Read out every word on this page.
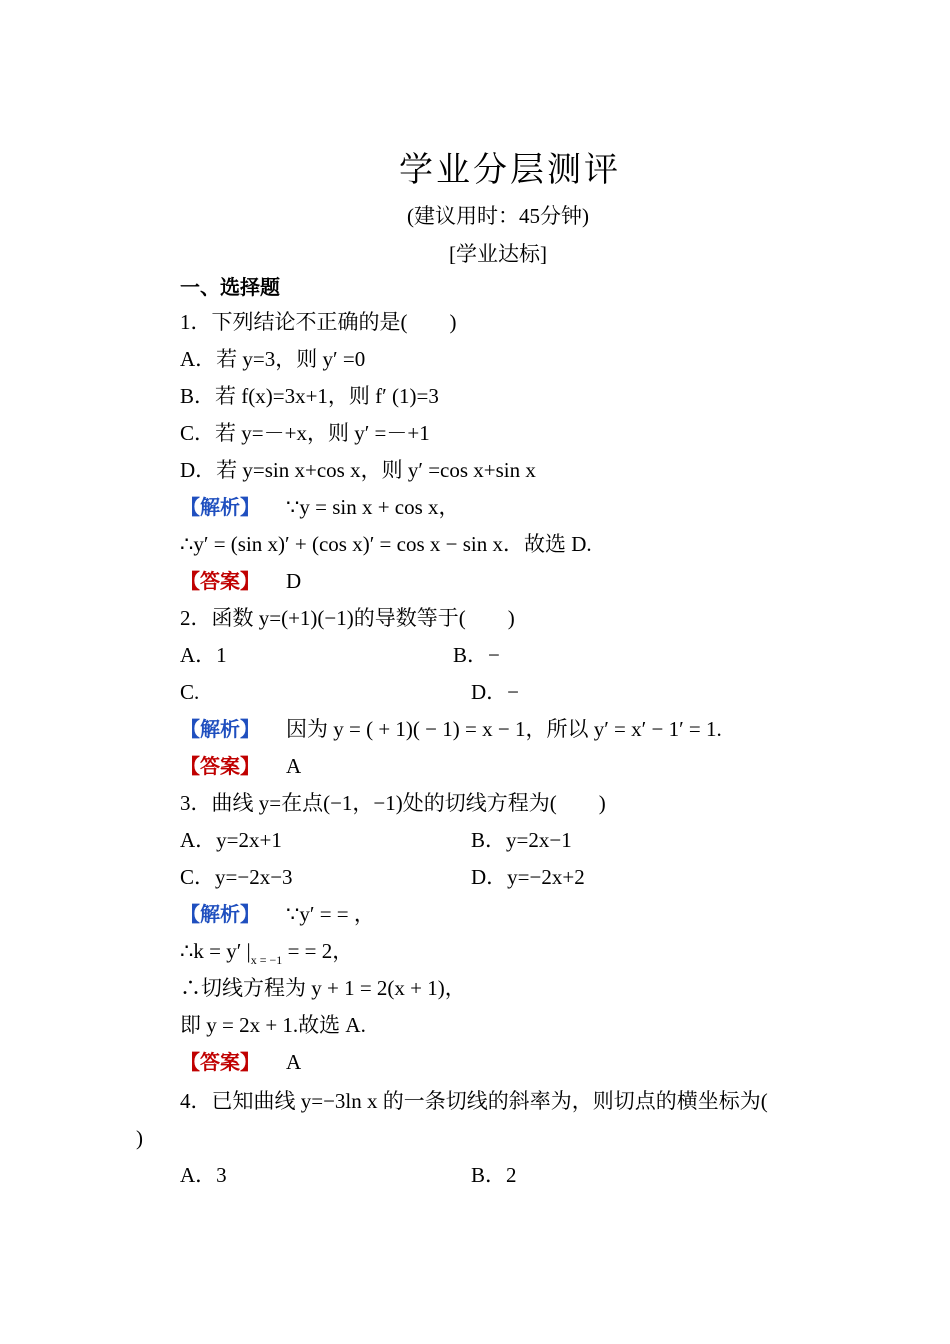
学业分层测评
(建议用时：45分钟)
[学业达标]
一、选择题
1．下列结论不正确的是(　　)
A．若 y=3，则 y′ =0
B．若 f(x)=3x+1，则 f′ (1)=3
C．若 y=－+x，则 y′ =－+1
D．若 y=sin x+cos x，则 y′ =cos x+sin x
【解析】 ∵y = sin x + cos x，
∴y′ = (sin x)′ + (cos x)′ = cos x − sin x．故选 D.
【答案】 D
2．函数 y=(+1)(−1)的导数等于(　　)
A．1	B．−
C.	D．−
【解析】 因为 y = ( + 1)( − 1) = x − 1，所以 y′ = x′ − 1′ = 1.
【答案】 A
3．曲线 y=在点(−1，−1)处的切线方程为(　　)
A．y=2x+1	B．y=2x−1
C．y=−2x−3	D．y=−2x+2
【解析】 ∵y′ = = ，
∴k = y′ $|_{x = -1}$ = = 2，
∴切线方程为 y + 1 = 2(x + 1)，
即 y = 2x + 1.故选 A.
【答案】 A
4．已知曲线 y=−3ln x 的一条切线的斜率为，则切点的横坐标为(
)
A．3	B．2
